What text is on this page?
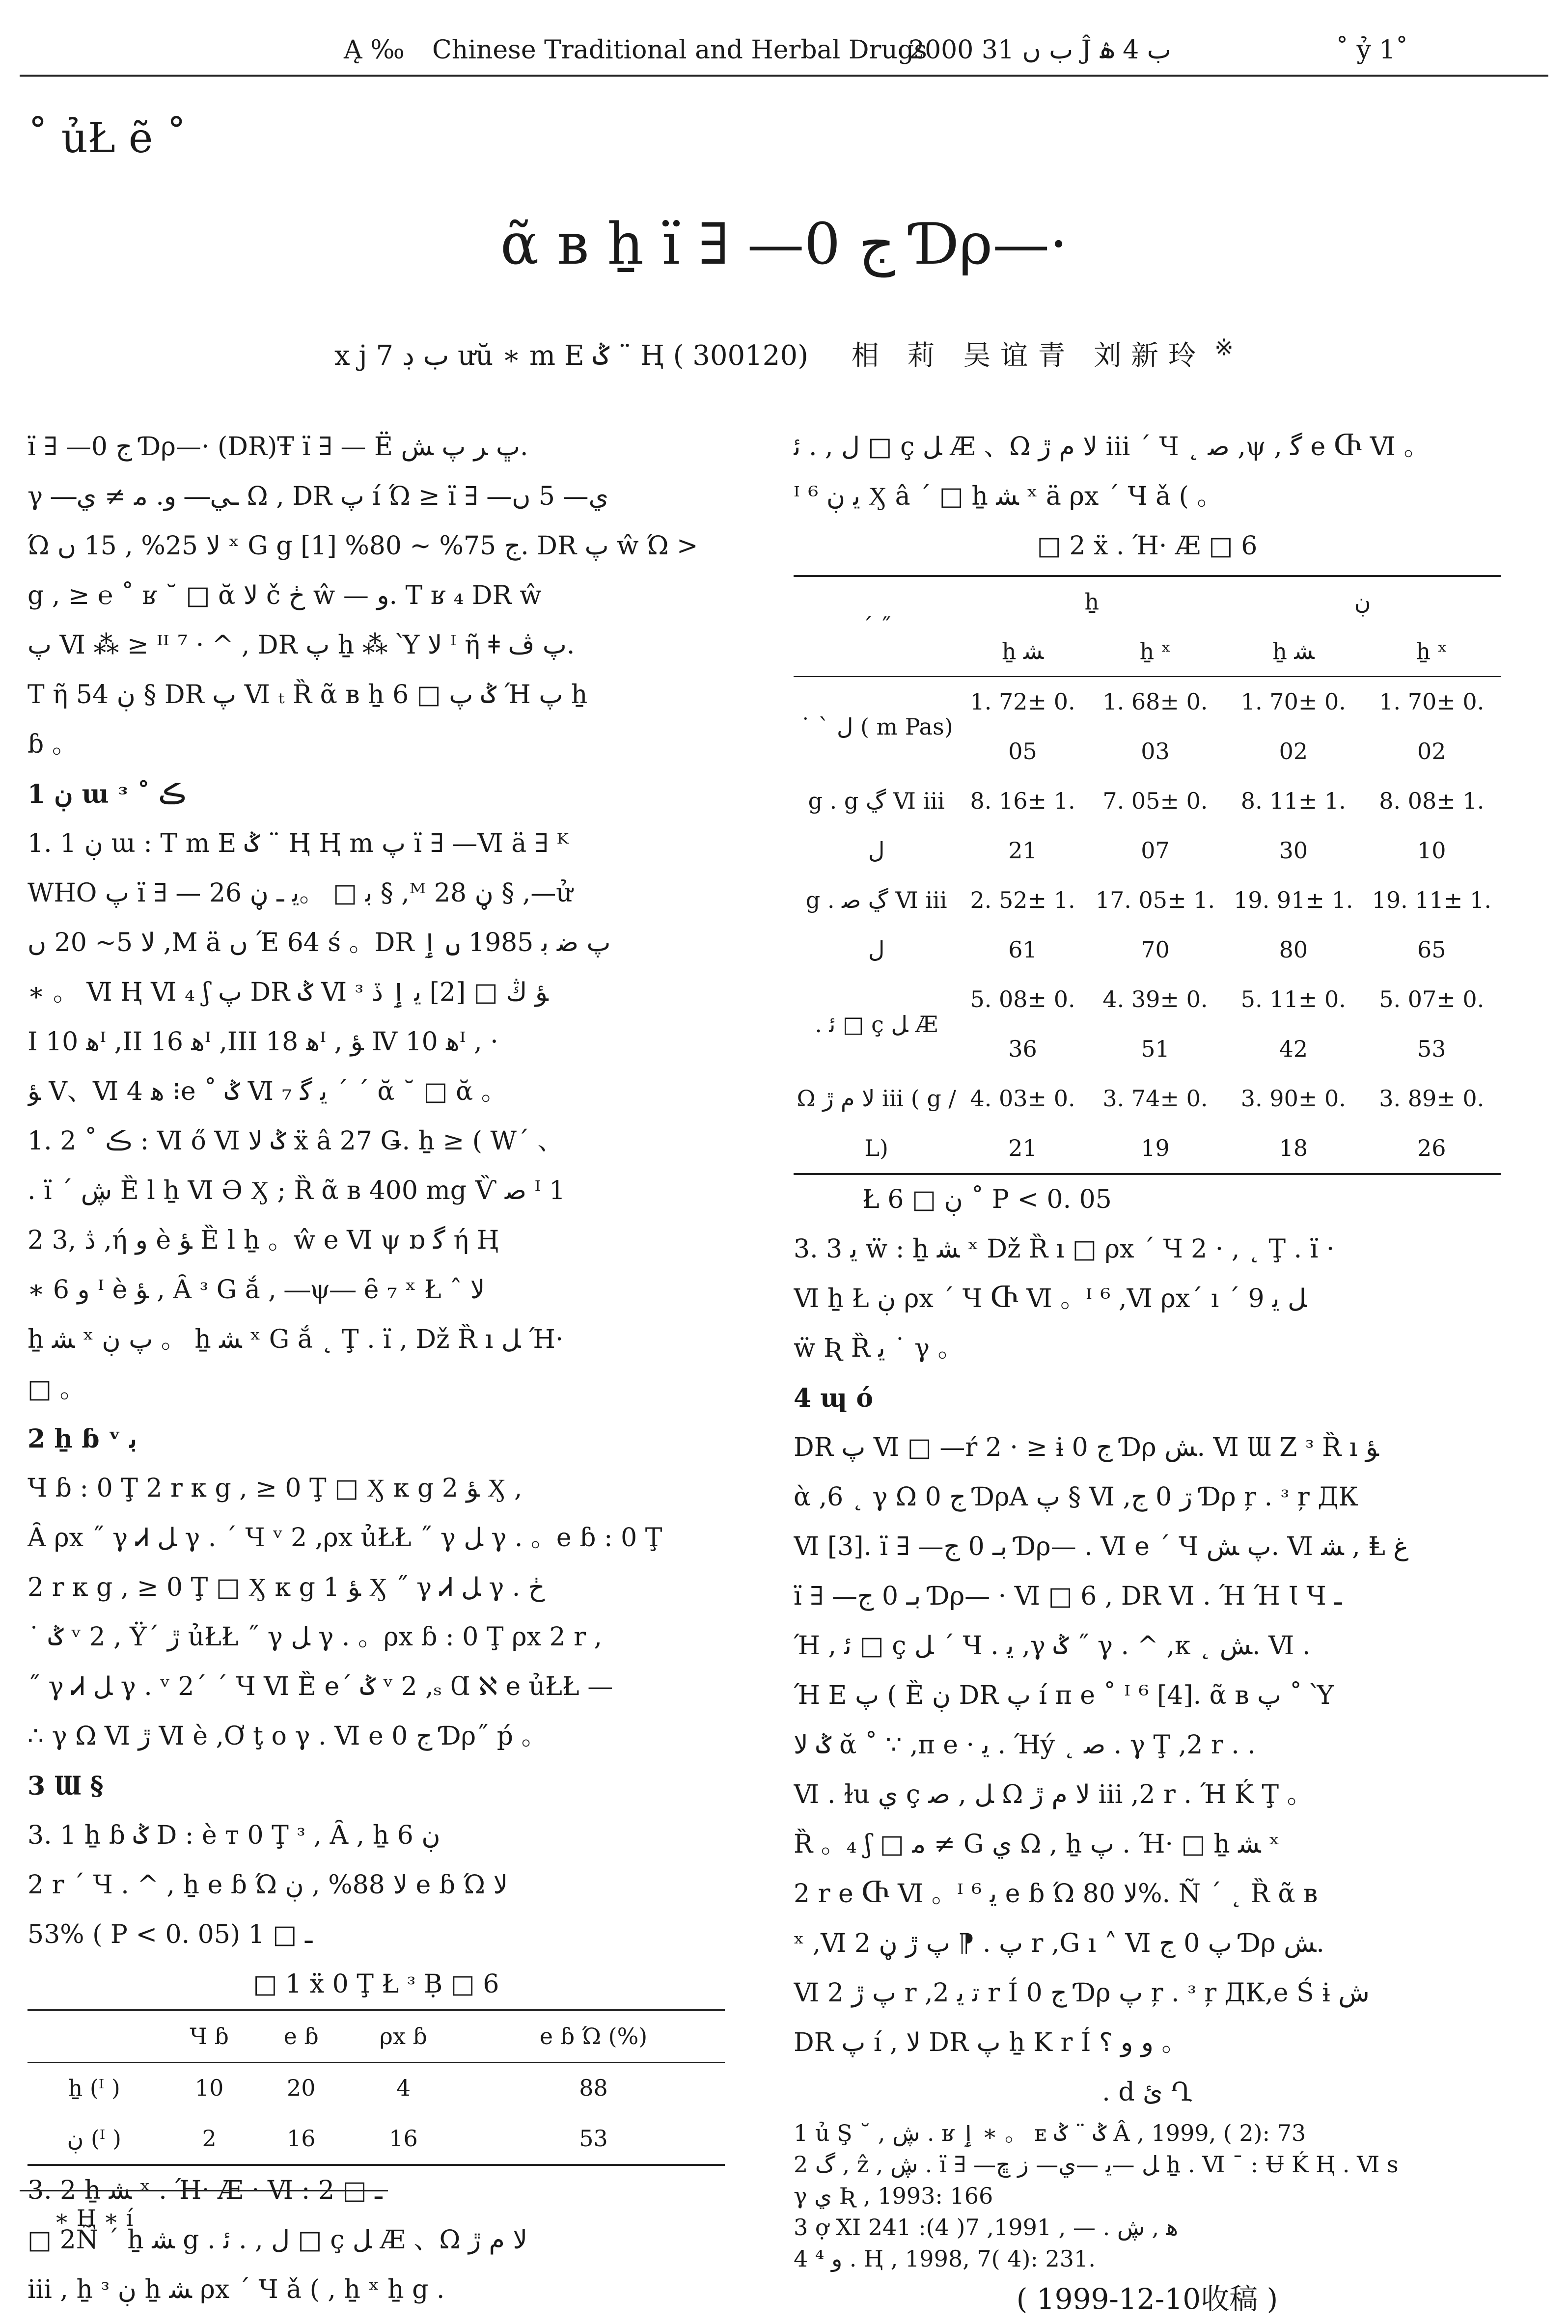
Ą ‰ Chinese Traditional and Herbal Drugs
2000 ب ں 31 Ĵ ب 4 ۿ	˚ ỷ 1˚
˚ ủŁ ẽ ˚
ᾶ в ẖ ï ∃ —0 ج Ɗρ—·
x j 7 ب ڊ ưŭ ∗ m E ݣ ¨ Ⱨ ( 300120) 相 莉 吴谊青 刘新玲 ※

ï ∃ —0 ج Ɗρ—· (DR)Ŧ ï ∃ — Ё ڀ ﺮ ﭖ ﺶ.

γ ―ـي― ﻭ. ﻣ ≠ ي Ω , DR ﭖ í Ώ ≥ ï ∃ —ي— 5 ں

Ώ ﻻ 25% , 15 ں ˣ G g ج 75% ~ 80% [1]. DR ﭖ ŵ Ώ >

g , ≥ ℮ ˚ ʁ ˘ □ ᾰ ﻻ č ڂ ŵ — ﻭ. T ʁ ₄ DR ŵ

ﭖ Ⅵ ⁂ ≥ ᴵᴵ ⁷ · ^ , DR ﭖ ẖ ⁂ Ὺ ﻻ ᴵ ῆ ǂ ﭖ ڤ.

T ῆ ڹ 54 § DR ﭖ Ⅵ ₜ Ȑ ᾶ в ẖ ݣ ﭖ □ 6 Ή ﭖ ẖ

ɓ 。

1 ڹ ɯ ᵌ ˚ ڪ

1. 1 ڹ ɯ : T m E ݣ ¨ Ⱨ Ⱨ m ﭖ ï ∃ —Ⅵ ä ∃ ᴷ

WHO ﭖ ï ∃ — ﺑ □ 。ﻳ ـ ڼ 26 § ,ᴹ ڼ 28 § ,—ử

ﻻ 5~ 20 ں ,M ä ں Έ 64 ś 。DR ﭖ ﺿ ﺑ 1985 ں ٳ

∗ 。 Ⅵ Ⱨ Ⅵ ₄ ʃ ﭖ DR ݣ Ⅵ ᶟ ﺆ ڭ □ [2] ﻳ ٳ ڏ

Ι ﻫ 10ᴵ ,ΙΙ ﻫ 16ᴵ ,ΙΙΙ ﻫ 18ᴵ , ﺆ Ⅳ ﻫ 10ᴵ , ·

ﺆ Ⅴ、Ⅵ ﻫ 4 ⁝e ˚ ݣ Ⅵ ﻳ ﮔ ₇ ´ ´ ᾰ ˘ □ ᾰ 。

1. 2 ˚ ڪ : Ⅵ ő Ⅵ ݣ ﻻ ẍ â 27 Ǥ. ẖ ≥ ( W´ 、

. ï ´ ڜ Ȅ l ẖ Ⅵ Ә Ӽ ; Ȑ ᾶ в 400 mg Ѷ ﺻ ᴵ 1

ڎ ,3 2 ,ή ﻭ è ﺆ Ȅ l ẖ 。ŵ e Ⅵ ψ ɒ ﮔ ή Ⱨ

∗ 6 ﻭ ᴵ è ﺆ , Ȃ ᶟ G ắ , ―ψ― ȇ ₇ ˣ Ł ˆ ﻻ

ẖ ﺸ ˣ ﭖ ڹ 。 ẖ ﺸ ˣ G ắ ˛ Ţ . ï , Dž Ȑ ı ﻞ Ή·

□ 。

2 ẖ ɓ ᵛ ﺑ

Ч ɓ : 0 Ţ 2 r к g , ≥ 0 Ţ □ Ӽ к g 2 ﺆ Ӽ ,

Ȃ ρx ˝ γ Ꮧ ﻞ γ . ´ Ч ᵛ 2 ,ρx ủŁŁ ˝ γ ﻞ γ . 。e ɓ : 0 Ţ

2 r к g , ≥ 0 Ţ □ Ӽ к g 1 ﺆ Ӽ ˝ γ Ꮧ ﻞ γ . ڂ

˙ ݣ ᵛ 2 , Ϋ´ ڙ ủŁŁ ˝ γ ﻞ γ . 。ρx ɓ : 0 Ţ ρx 2 r ,

˝ γ Ꮧ ﻞ γ . ᵛ 2´ ´ Ч Ⅵ Ȅ e´ ݣ ᵛ 2 ,ₛ Ɑ ℵ e ủŁŁ —

∴ γ Ω Ⅵ ڙ Ⅵ è ,Ơ ţ ο γ . Ⅵ e 0 ج Ɗρ˝ ṕ 。

3 Ɯ §

3. 1 ẖ ɓ ݣ D : è т 0 Ţ ᶟ , Ȃ , ẖ 6 ڹ

2 r ´ Ч . ^ , ẖ e ɓ Ώ ﻻ 88% , ڹ e ɓ Ώ ﻻ

53% ( P < 0. 05) ـ □ 1

□ 1 ẍ 0 Ţ Ł ᶟ Ḅ □ 6

	Ч ɓ	e ɓ	ρx ɓ	e ɓ Ώ (%)
ẖ (ᴵ )	10	20	4	88
ڹ (ᴵ )	2	16	16	53

3. 2 ẖ ﺸ ˣ . Ή· Æ · Ⅵ : ـ □ 2

□ 2Ñ ´ ẖ ﺸ g . ﻝ , . ﺋ □ ç ﻞ Æ 、Ω ﻻ ﻡ ڙ

iii , ẖ ᶟ ڹ ẖ ﺸ ρx ´ Ч ǎ ( , ẖ ˣ ẖ g .

ﻝ , . ﺋ □ ç ﻞ Æ 、Ω ﻻ ﻡ ڙ iii ´ Ч ˛ ﺻ ,ψ , ﮔ e Ⴇ Ⅵ 。

ᴵ ⁶ ﻳ ڹ Ӽ â ´ □ ẖ ﺸ ˣ ä ρx ´ Ч ǎ ( 。

□ 2 ẍ . Ή· Æ □ 6

´ ˝	ẖ		ڹ	
	ẖ ﺸ	ẖ ˣ	ẖ ﺸ	ẖ ˣ
˙ ˋ ﻝ ( m Pas)	1. 72± 0. 05	1. 68± 0. 03	1. 70± 0. 02	1. 70± 0. 02
g . g ڲ Ⅵ iii ﻝ	8. 16± 1. 21	7. 05± 0. 07	8. 11± 1. 30	8. 08± 1. 10
g . ڲ ﺻ Ⅵ iii ﻝ	2. 52± 1. 61	17. 05± 1. 70	19. 91± 1. 80	19. 11± 1. 65
. ﺋ □ ç ﻞ Æ	5. 08± 0. 36	4. 39± 0. 51	5. 11± 0. 42	5. 07± 0. 53
Ω ﻻ ﻡ ڙ iii ( g / L)	4. 03± 0. 21	3. 74± 0. 19	3. 90± 0. 18	3. 89± 0. 26

Ł ڹ □ 6 ˚ P < 0. 05

3. 3 ﻳ ẅ : ẖ ﺸ ˣ Dž Ȑ ı □ ρx ´ Ч 2 · , ˛ Ţ . ï ·

Ⅵ ẖ Ł ڹ ρx ´ Ч Ⴇ Ⅵ 。ᴵ ⁶ ,Ⅵ ρx´ ı ´ 9 ﻞ ﻳ

ẅ Ʀ Ȑ ﻳ ˙ γ 。

4 ɰ ó

DR ﭖ Ⅵ □ —ŕ 2 · ≥ ɨ 0 ج Ɗρ ﺶ. Ⅵ Ɯ Ζ ᶟ Ȑ ı ﺆ

ὰ ,6 ˛ γ Ω 0 ج ƊρA ﭖ § Ⅵ ,ڗ 0 ج Ɗρ ŗ . ᶟ ŗ ДК

Ⅵ [3]. ï ∃ —ﺑـ 0 ج Ɗρ— . Ⅵ e ´ Ч ﭖ ﺶ. Ⅵ ﺸ , Ⱡ ﻍ

ï ∃ —ﺑـ 0 ج Ɗρ— · Ⅵ □ 6 , DR Ⅵ . Ή Ή Ꙇ Ч ـ

Ή , ﺋ □ ç ﻞ ´ Ч . ﯾ ,γ ݣ ˝ γ . ^ ,к ˛ ﺶ. Ⅵ .

Ή Е ﭖ ( Ȅ ڹ DR ﭖ í π e ˚ ᴵ ⁶ [4]. ᾶ в ﭖ ˚ Ὺ

ݣ ﻻ ᾰ ˚ ∵ ,π e · ﯾ . Ήý ˛ ﺻ . γ Ţ ,2 r . .

Ⅵ . ɫu ي ç ﻞ , ﺻ Ω ﻻ ﻡ ڙ iii ,2 r . Ή Ḱ Ţ 。

Ȑ 。₄ ʃ □ ﻣ ≠ G ي Ω , ẖ ﭖ . Ή· □ ẖ ﺸ ˣ

2 r e Ⴇ Ⅵ 。ᴵ ⁶ ﻳ e ɓ Ώ ﻻ 80%. Ñ ´ ˛ Ȑ ᾶ в

ˣ ,Ⅵ ﭖ . ⁋ ﭖ ڙ ڼ 2 r ,G ı ˄ Ⅵ ﭖ 0 ج Ɗρ ﺶ.

Ⅵ ﭖ ڙ 2 r ,ﺗ ﻳ 2 r Í 0 ج Ɗρ ﭖ ŗ . ᶟ ŗ ДК,e Ś ɨ ﺵ

DR ﭖ í , ﻻ DR ﭖ ẖ K r Í ﻭ ﻭ ؟ 。

. d ﺉ Ղ

1 ủ Ş ˘ , ڜ . ʁ ٳ ∗ 。 ᴇ ݣ ¨ ݣ Â , 1999, ( 2): 73

2 ﮒ , ẑ , ڜ . ï ∃ —ﻞ —ﻳ —ي— ز ڇ ẖ . Ⅵ ¯ : Ʉ Ḱ Ⱨ . Ⅵ s

γ ي Ʀ , 1993: 166

3 ợ XΙ ﻫ , ڜ . — , 1991, 7( 4): 241

4 ﻭ ⁴ . Ⱨ , 1998, 7( 4): 231.

( 1999-12-10收稿 )

∗ Ⱨ ∗ í
